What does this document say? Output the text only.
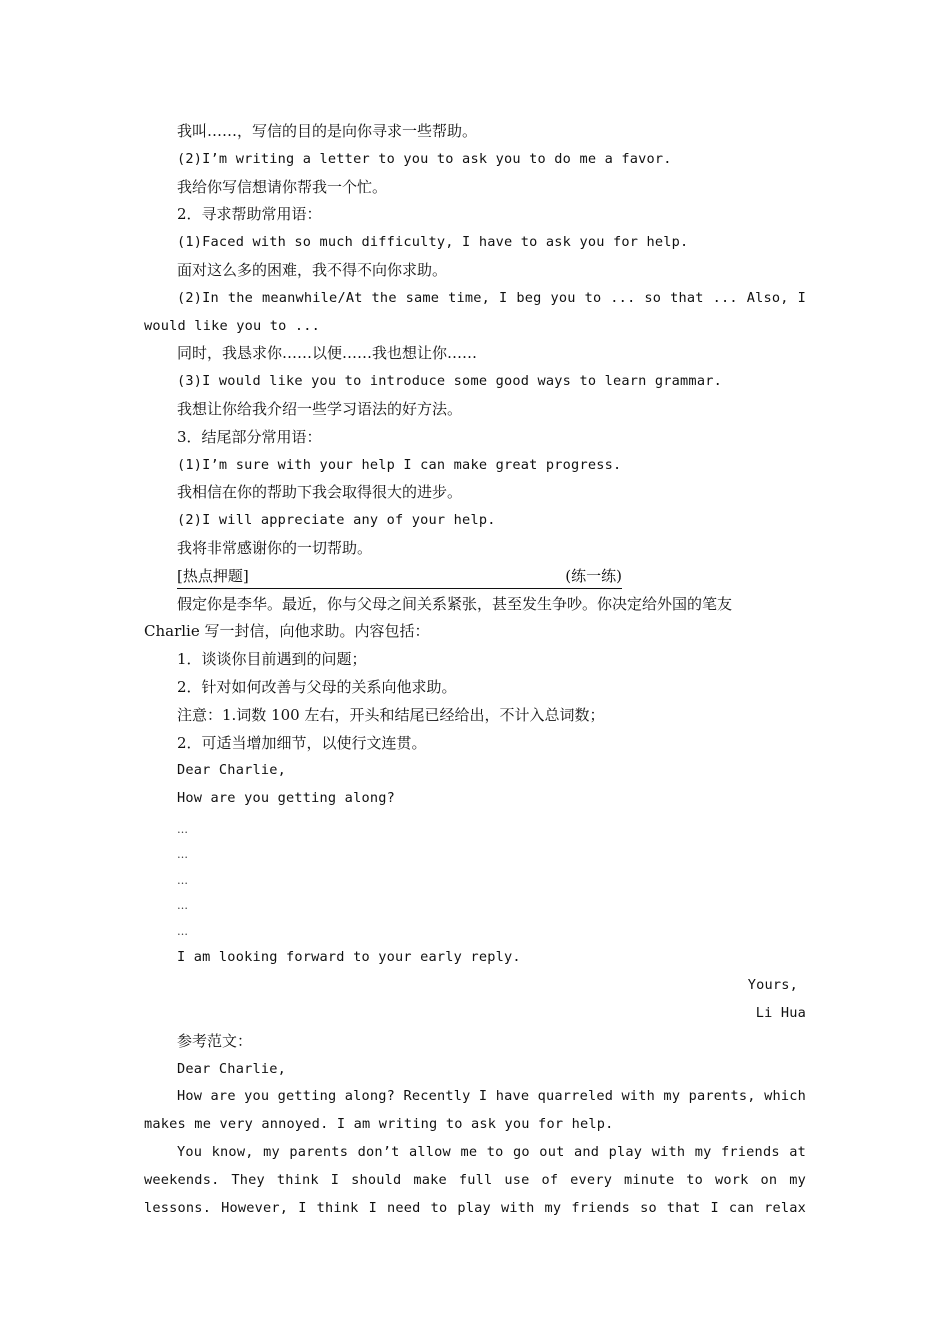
我叫……，写信的目的是向你寻求一些帮助。
(2)I’m writing a letter to you to ask you to do me a favor.
我给你写信想请你帮我一个忙。
2．寻求帮助常用语：
(1)Faced with so much difficulty, I have to ask you for help.
面对这么多的困难，我不得不向你求助。
(2)In the meanwhile/At the same time, I beg you to ... so that ... Also, I
would like you to ...
同时，我恳求你……以便……我也想让你……
(3)I would like you to introduce some good ways to learn grammar.
我想让你给我介绍一些学习语法的好方法。
3．结尾部分常用语：
(1)I’m sure with your help I can make great progress.
我相信在你的帮助下我会取得很大的进步。
(2)I will appreciate any of your help.
我将非常感谢你的一切帮助。
[热点押题]	(练一练)
假定你是李华。最近，你与父母之间关系紧张，甚至发生争吵。你决定给外国的笔友
Charlie 写一封信，向他求助。内容包括：
1．谈谈你目前遇到的问题；
2．针对如何改善与父母的关系向他求助。
注意：1.词数 100 左右，开头和结尾已经给出，不计入总词数；
2．可适当增加细节，以使行文连贯。
Dear Charlie,
How are you getting along?
…
…
…
…
…
I am looking forward to your early reply.
Yours,
Li Hua
参考范文：
Dear Charlie,
How are you getting along? Recently I have quarreled with my parents, which
makes me very annoyed. I am writing to ask you for help.
You know, my parents don’t allow me to go out and play with my friends at
weekends. They think I should make full use of every minute to work on my
lessons. However, I think I need to play with my friends so that I can relax
